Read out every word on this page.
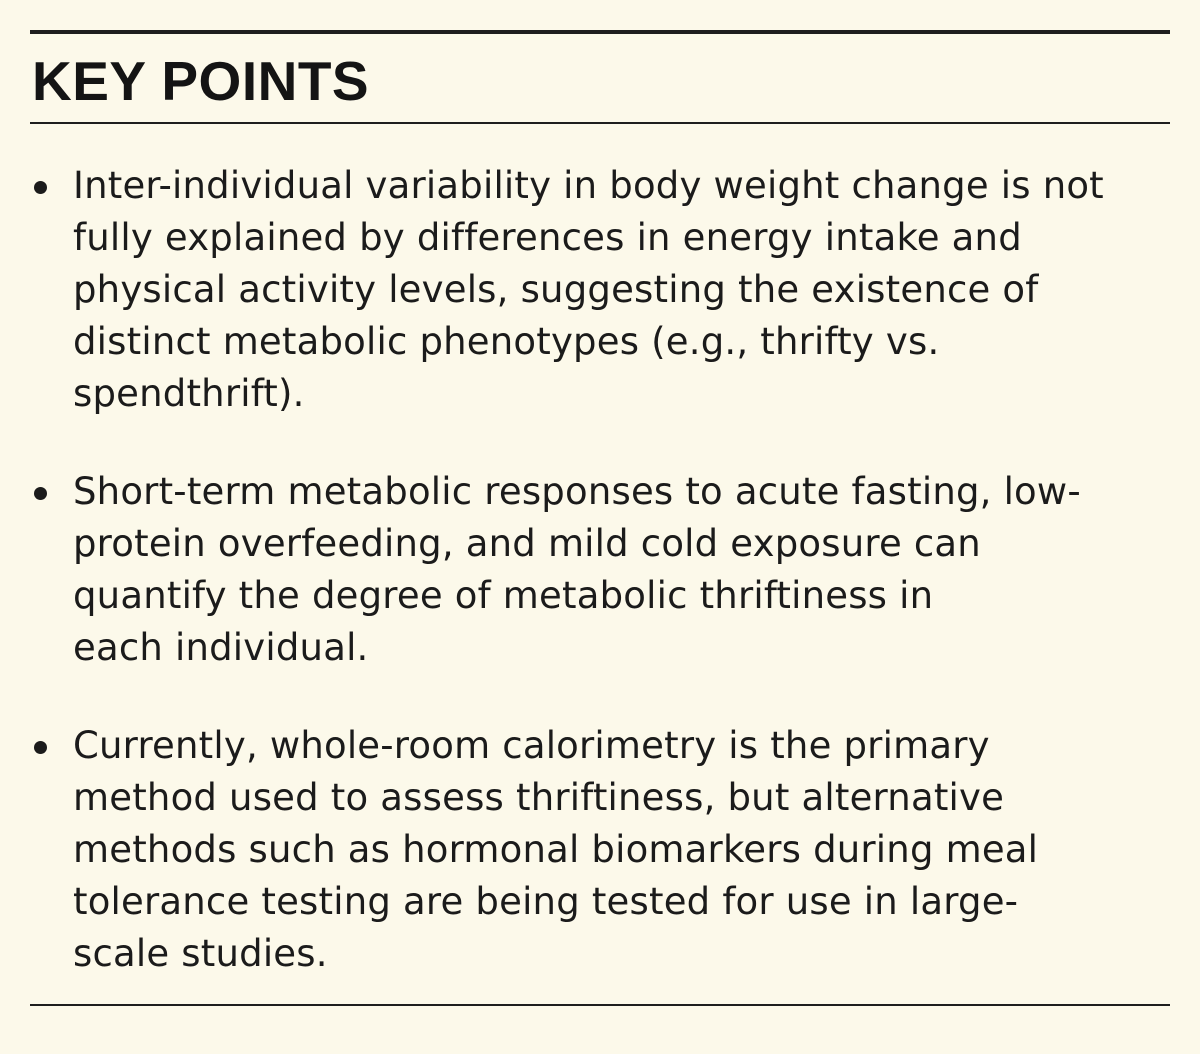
KEY POINTS
Inter-individual variability in body weight change is not
fully explained by differences in energy intake and
physical activity levels, suggesting the existence of
distinct metabolic phenotypes (e.g., thrifty vs.
spendthrift).
Short-term metabolic responses to acute fasting, low-
protein overfeeding, and mild cold exposure can
quantify the degree of metabolic thriftiness in
each individual.
Currently, whole-room calorimetry is the primary
method used to assess thriftiness, but alternative
methods such as hormonal biomarkers during meal
tolerance testing are being tested for use in large-
scale studies.
